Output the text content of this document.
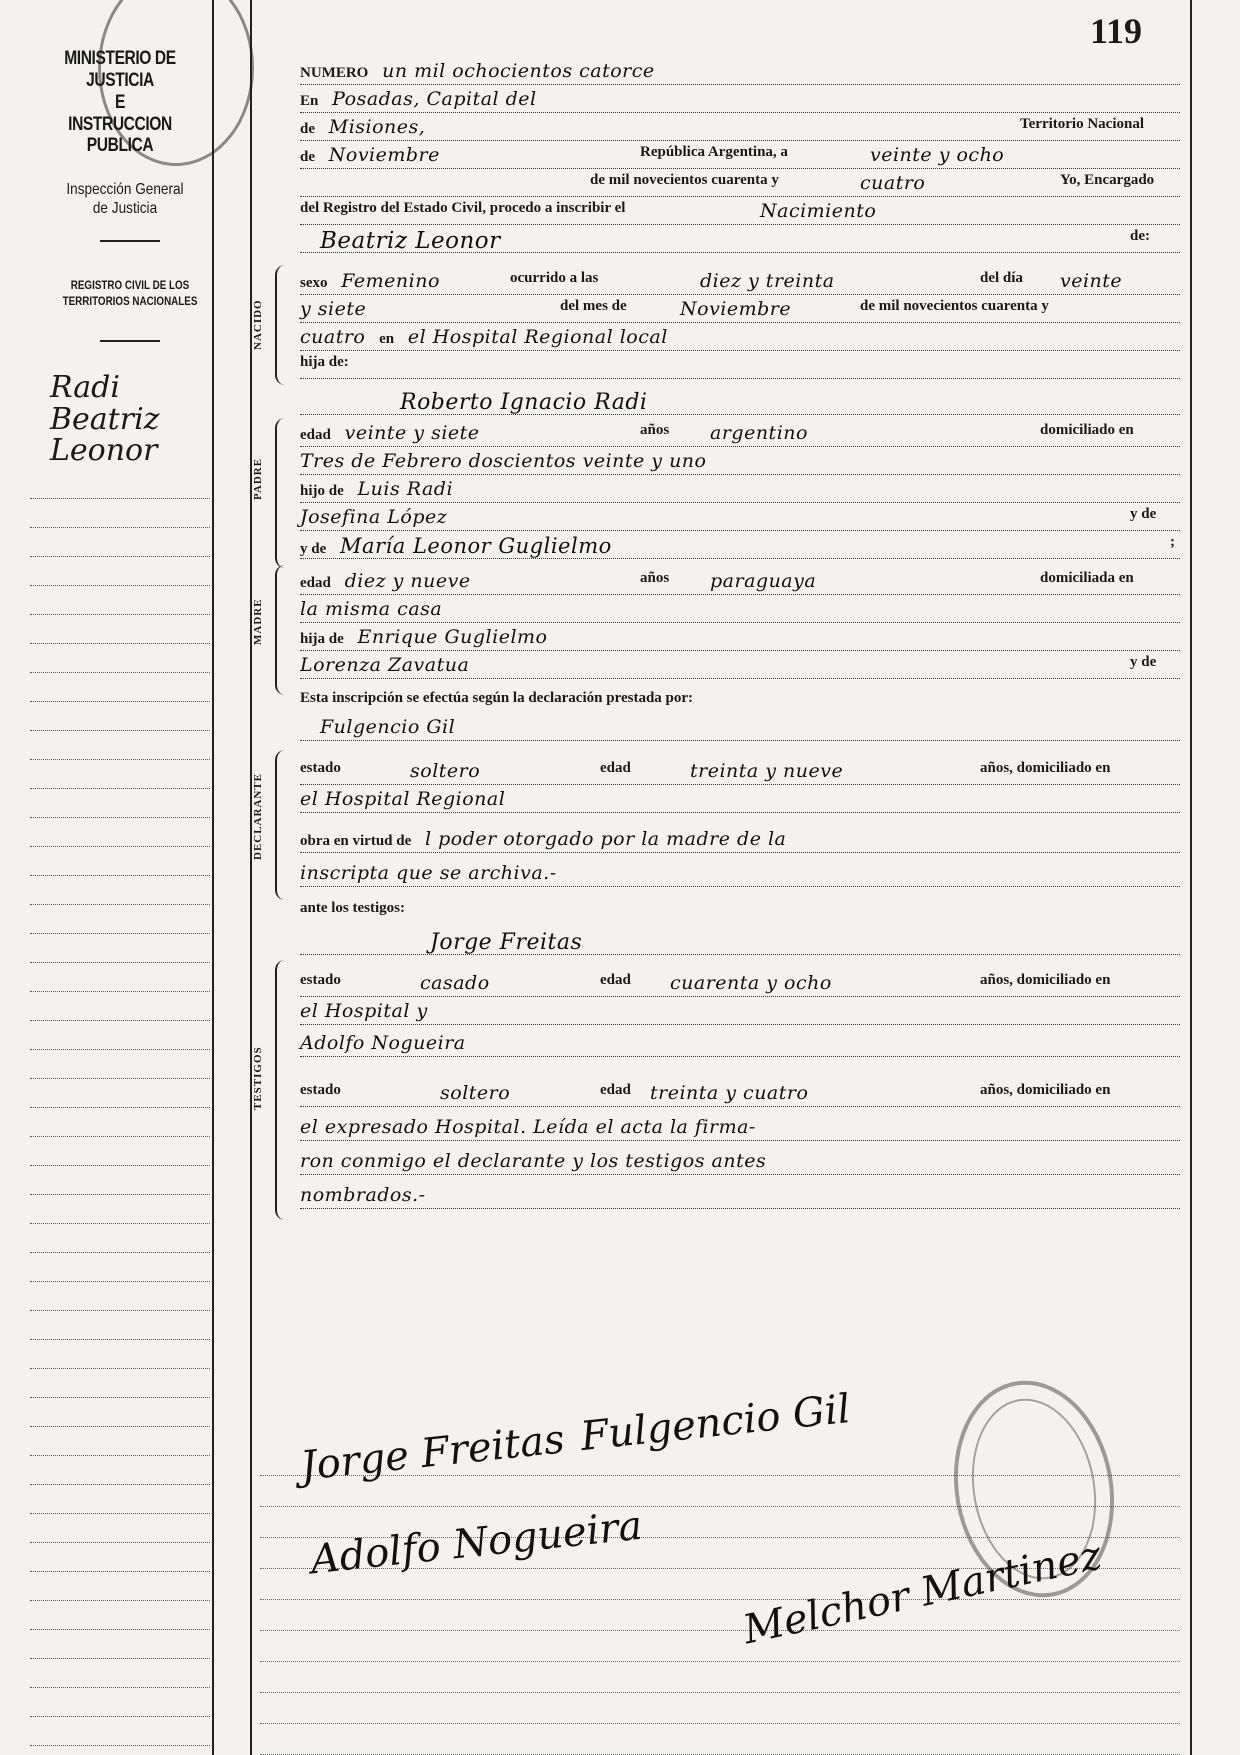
MINISTERIO DE JUSTICIA
E
INSTRUCCION PUBLICA
Inspección General
de Justicia
REGISTRO CIVIL DE LOS
TERRITORIOS NACIONALES
Radi
Beatriz
Leonor
119
NUMERO un mil ochocientos catorce
En Posadas, Capital del
de Misiones,	Territorio Nacional
de Noviembre	República Argentina, a	veinte y ocho
de mil novecientos cuarenta y	cuatro	Yo, Encargado
del Registro del Estado Civil, procedo a inscribir el	Nacimiento
Beatriz Leonor	de:
NACIDO
sexo Femenino	ocurrido a las	diez y treinta	del día veinte
y siete	del mes de	Noviembre	de mil novecientos cuarenta y
cuatro en el Hospital Regional local
hija de:
Roberto Ignacio Radi
PADRE
edad veinte y siete	años argentino	domiciliado en
Tres de Febrero doscientos veinte y uno
hijo de Luis Radi
Josefina López	y de
y de María Leonor Guglielmo	;
MADRE
edad diez y nueve	años paraguaya	domiciliada en
la misma casa
hija de Enrique Guglielmo
Lorenza Zavatua	y de
Esta inscripción se efectúa según la declaración prestada por:
Fulgencio Gil
DECLARANTE
estado	soltero	edad	treinta y nueve	años, domiciliado en
el Hospital Regional
obra en virtud de l poder otorgado por la madre de la
inscripta que se archiva.-
ante los testigos:
Jorge Freitas
TESTIGOS
estado	casado	edad cuarenta y ocho	años, domiciliado en
el Hospital y
Adolfo Nogueira
estado	soltero	edad treinta y cuatro	años, domiciliado en
el expresado Hospital. Leída el acta la firma-
ron conmigo el declarante y los testigos antes
nombrados.-
Fulgencio Gil
Jorge Freitas
Adolfo Nogueira Melchor Martinez
